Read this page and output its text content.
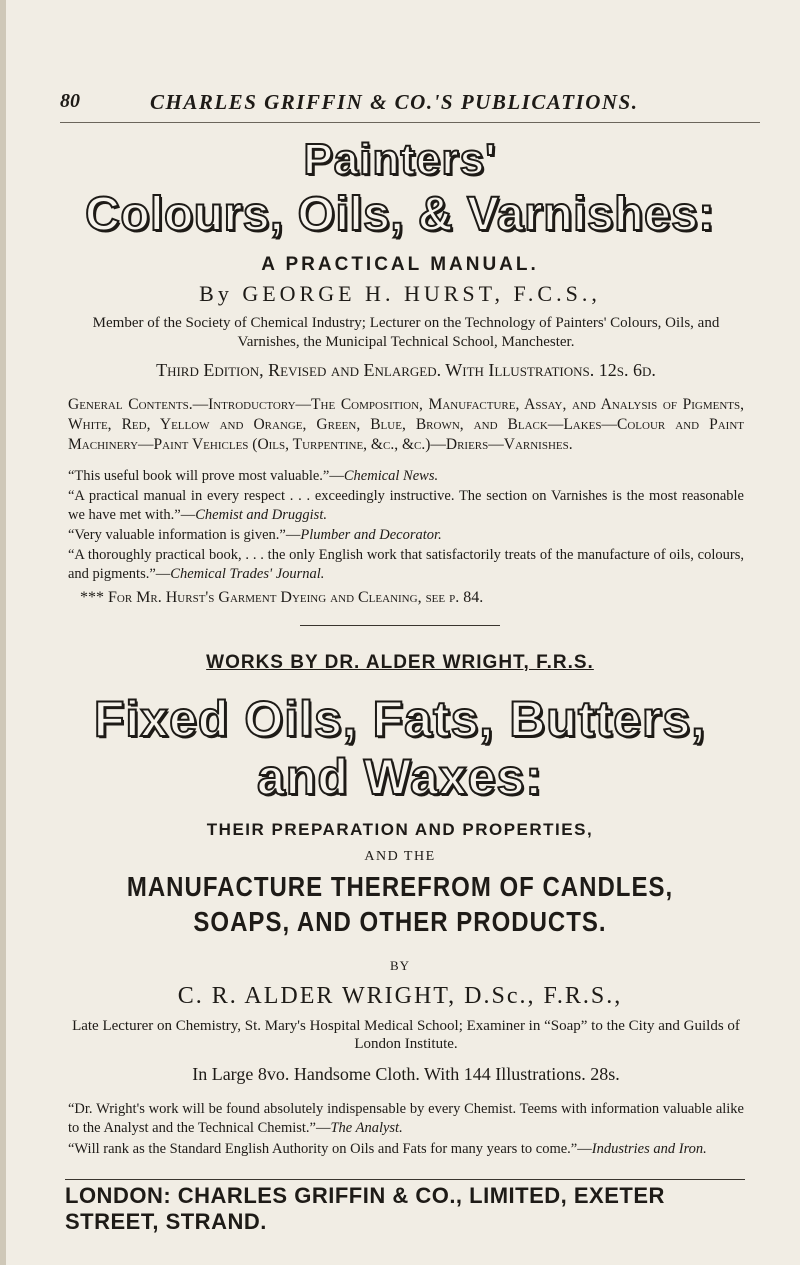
80	CHARLES GRIFFIN & CO.'S PUBLICATIONS.
Painters'
Colours, Oils, & Varnishes:
A PRACTICAL MANUAL.
By GEORGE H. HURST, F.C.S.,
Member of the Society of Chemical Industry; Lecturer on the Technology of Painters' Colours, Oils, and Varnishes, the Municipal Technical School, Manchester.
Third Edition, Revised and Enlarged. With Illustrations. 12s. 6d.
General Contents.—Introductory—The Composition, Manufacture, Assay, and Analysis of Pigments, White, Red, Yellow and Orange, Green, Blue, Brown, and Black—Lakes—Colour and Paint Machinery—Paint Vehicles (Oils, Turpentine, &c., &c.)—Driers—Varnishes.
“This useful book will prove most valuable.”—Chemical News.
“A practical manual in every respect . . . exceedingly instructive. The section on Varnishes is the most reasonable we have met with.”—Chemist and Druggist.
“Very valuable information is given.”—Plumber and Decorator.
“A thoroughly practical book, . . . the only English work that satisfactorily treats of the manufacture of oils, colours, and pigments.”—Chemical Trades' Journal.
*** For Mr. Hurst's Garment Dyeing and Cleaning, see p. 84.
WORKS BY DR. ALDER WRIGHT, F.R.S.
Fixed Oils, Fats, Butters,
and Waxes:
THEIR PREPARATION AND PROPERTIES,
AND THE
MANUFACTURE THEREFROM OF CANDLES,
SOAPS, AND OTHER PRODUCTS.
BY
C. R. ALDER WRIGHT, D.Sc., F.R.S.,
Late Lecturer on Chemistry, St. Mary's Hospital Medical School; Examiner in “Soap” to the City and Guilds of London Institute.
In Large 8vo. Handsome Cloth. With 144 Illustrations. 28s.
“Dr. Wright's work will be found absolutely indispensable by every Chemist. Teems with information valuable alike to the Analyst and the Technical Chemist.”—The Analyst.
“Will rank as the Standard English Authority on Oils and Fats for many years to come.”—Industries and Iron.
LONDON: CHARLES GRIFFIN & CO., LIMITED, EXETER STREET, STRAND.
